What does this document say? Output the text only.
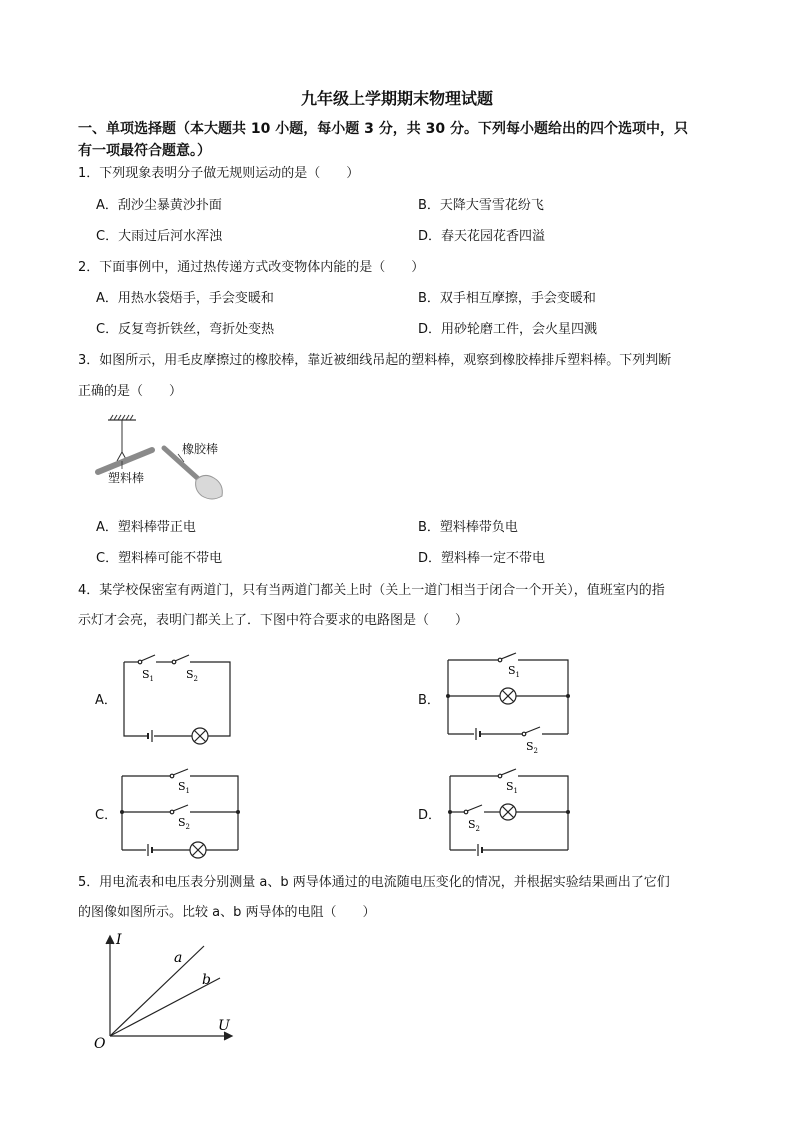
九年级上学期期末物理试题
一、单项选择题（本大题共 10 小题，每小题 3 分，共 30 分。下列每小题给出的四个选项中，只
有一项最符合题意。）
1．下列现象表明分子做无规则运动的是（　　）
A．刮沙尘暴黄沙扑面	B．天降大雪雪花纷飞
C．大雨过后河水浑浊	D．春天花园花香四溢
2．下面事例中，通过热传递方式改变物体内能的是（　　）
A．用热水袋焐手，手会变暖和	B．双手相互摩擦，手会变暖和
C．反复弯折铁丝，弯折处变热	D．用砂轮磨工件，会火星四溅
3．如图所示，用毛皮摩擦过的橡胶棒，靠近被细线吊起的塑料棒，观察到橡胶棒排斥塑料棒。下列判断
正确的是（　　）
橡胶棒
塑料棒
A．塑料棒带正电	B．塑料棒带负电
C．塑料棒可能不带电	D．塑料棒一定不带电
4．某学校保密室有两道门，只有当两道门都关上时（关上一道门相当于闭合一个开关），值班室内的指
示灯才会亮，表明门都关上了．下图中符合要求的电路图是（　　）
A．	B．
C．	D．
$S_1$	$S_2$
$S_1$
$S_2$
$S_1$
$S_2$
$S_1$
$S_2$
5．用电流表和电压表分别测量 a、b 两导体通过的电流随电压变化的情况，并根据实验结果画出了它们
的图像如图所示。比较 a、b 两导体的电阻（　　）
I
U
O
a
b
